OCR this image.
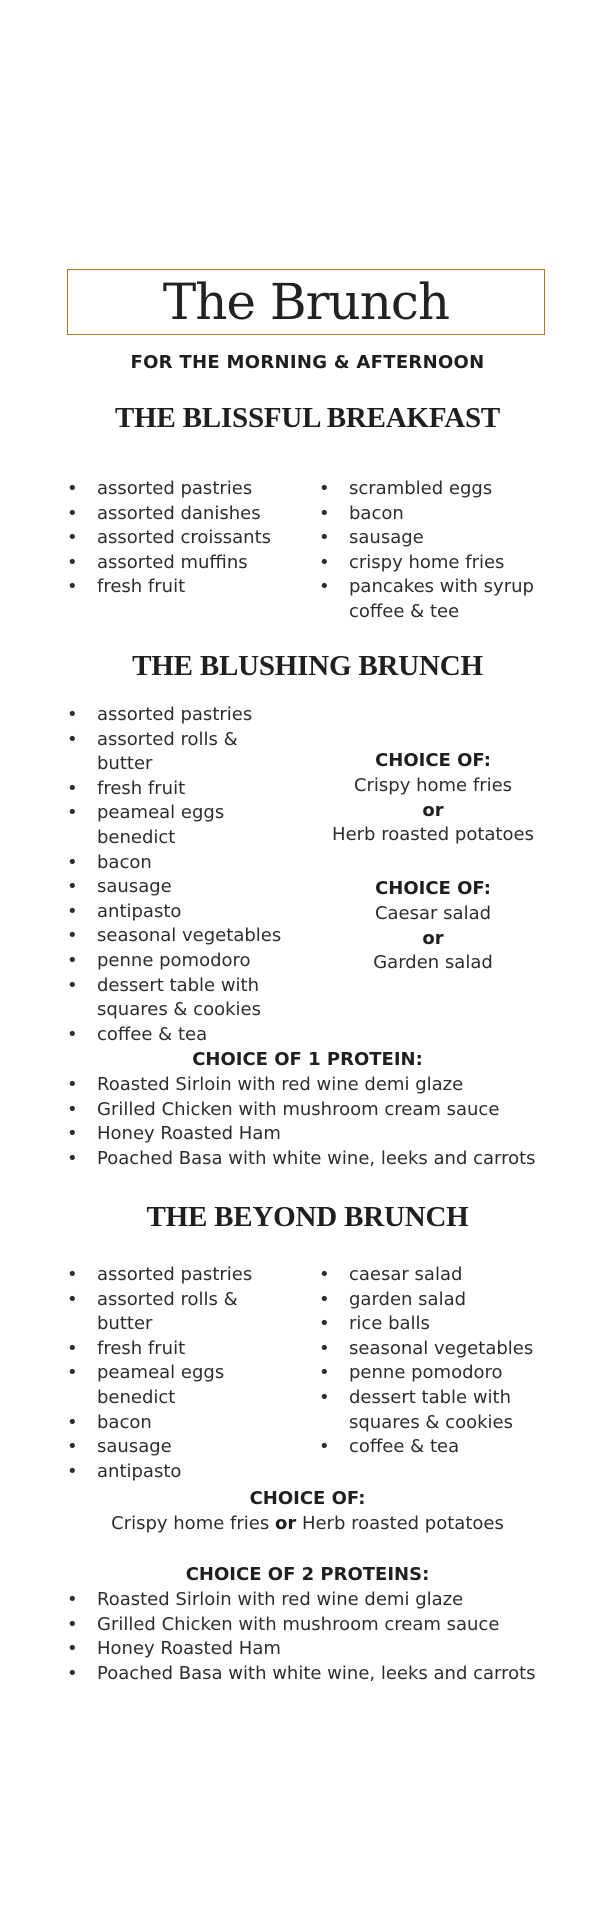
The Brunch
FOR THE MORNING & AFTERNOON
THE BLISSFUL BREAKFAST
• assorted pastries
• assorted danishes
• assorted croissants
• assorted muffins
• fresh fruit
• scrambled eggs
• bacon
• sausage
• crispy home fries
• pancakes with syrup
coffee & tee
THE BLUSHING BRUNCH
• assorted pastries
• assorted rolls & butter
• fresh fruit
• peameal eggs benedict
• bacon
• sausage
• antipasto
• seasonal vegetables
• penne pomodoro
• dessert table with squares & cookies
• coffee & tea
CHOICE OF:
Crispy home fries
or
Herb roasted potatoes
CHOICE OF:
Caesar salad
or
Garden salad
CHOICE OF 1 PROTEIN:
• Roasted Sirloin with red wine demi glaze
• Grilled Chicken with mushroom cream sauce
• Honey Roasted Ham
• Poached Basa with white wine, leeks and carrots
THE BEYOND BRUNCH
• assorted pastries
• assorted rolls & butter
• fresh fruit
• peameal eggs benedict
• bacon
• sausage
• antipasto
• caesar salad
• garden salad
• rice balls
• seasonal vegetables
• penne pomodoro
• dessert table with squares & cookies
• coffee & tea
CHOICE OF:
Crispy home fries or Herb roasted potatoes
CHOICE OF 2 PROTEINS:
• Roasted Sirloin with red wine demi glaze
• Grilled Chicken with mushroom cream sauce
• Honey Roasted Ham
• Poached Basa with white wine, leeks and carrots
